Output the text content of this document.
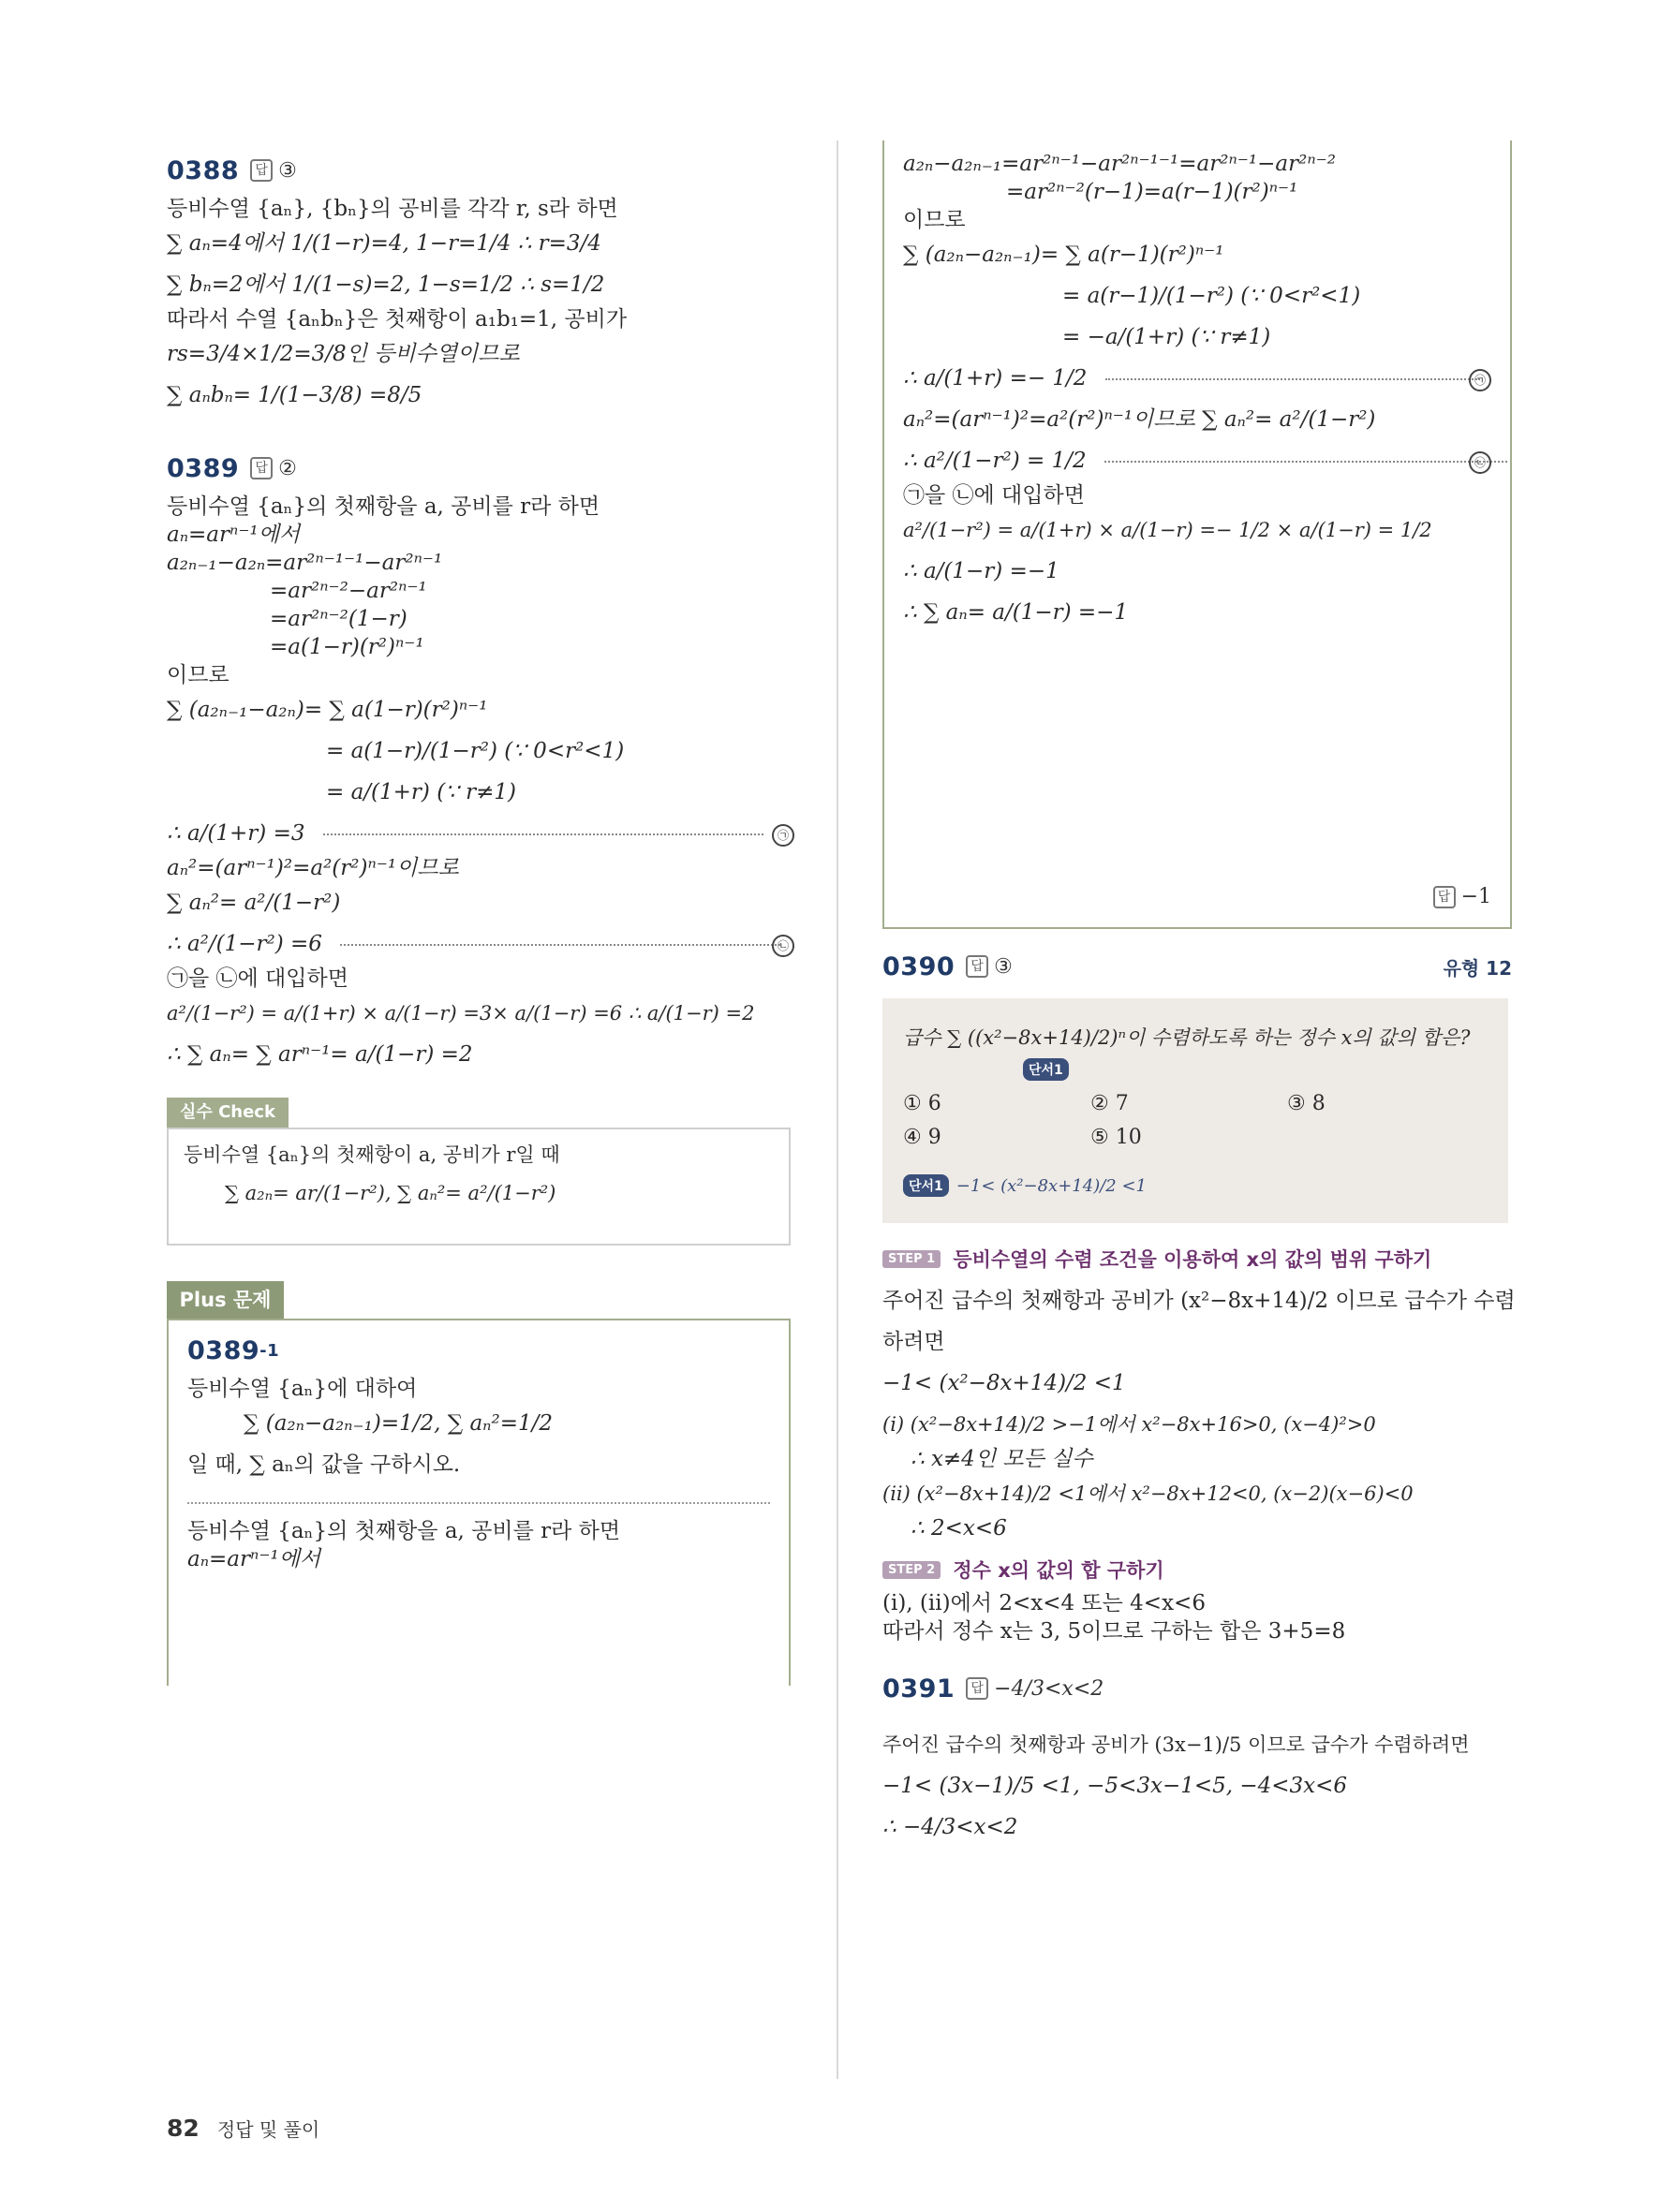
0388	답 ③

등비수열 {aₙ}, {bₙ}의 공비를 각각 r, s라 하면

∑ aₙ=4에서 1/(1−r)=4, 1−r=1/4 ∴ r=3/4

∑ bₙ=2에서 1/(1−s)=2, 1−s=1/2 ∴ s=1/2

따라서 수열 {aₙbₙ}은 첫째항이 a₁b₁=1, 공비가

rs=3/4×1/2=3/8인 등비수열이므로

∑ aₙbₙ= 1/(1−3/8) =8/5

0389	답 ②

등비수열 {aₙ}의 첫째항을 a, 공비를 r라 하면

aₙ=arⁿ⁻¹에서

a₂ₙ₋₁−a₂ₙ=ar²ⁿ⁻¹⁻¹−ar²ⁿ⁻¹

=ar²ⁿ⁻²−ar²ⁿ⁻¹

=ar²ⁿ⁻²(1−r)

=a(1−r)(r²)ⁿ⁻¹

이므로

∑ (a₂ₙ₋₁−a₂ₙ)= ∑ a(1−r)(r²)ⁿ⁻¹

= a(1−r)/(1−r²) (∵ 0<r²<1)

= a/(1+r) (∵ r≠1)

∴ a/(1+r) =3	㉠

aₙ²=(arⁿ⁻¹)²=a²(r²)ⁿ⁻¹이므로

∑ aₙ²= a²/(1−r²)

∴ a²/(1−r²) =6	㉡

㉠을 ㉡에 대입하면

a²/(1−r²) = a/(1+r) × a/(1−r) =3× a/(1−r) =6 ∴ a/(1−r) =2

∴ ∑ aₙ= ∑ arⁿ⁻¹= a/(1−r) =2

실수 Check

등비수열 {aₙ}의 첫째항이 a, 공비가 r일 때

∑ a₂ₙ= ar/(1−r²), ∑ aₙ²= a²/(1−r²)

Plus 문제
0389 -1

등비수열 {aₙ}에 대하여

∑ (a₂ₙ−a₂ₙ₋₁)=1/2, ∑ aₙ²=1/2

일 때, ∑ aₙ의 값을 구하시오.

등비수열 {aₙ}의 첫째항을 a, 공비를 r라 하면

aₙ=arⁿ⁻¹에서

a₂ₙ−a₂ₙ₋₁=ar²ⁿ⁻¹−ar²ⁿ⁻¹⁻¹=ar²ⁿ⁻¹−ar²ⁿ⁻²

=ar²ⁿ⁻²(r−1)=a(r−1)(r²)ⁿ⁻¹

이므로

∑ (a₂ₙ−a₂ₙ₋₁)= ∑ a(r−1)(r²)ⁿ⁻¹

= a(r−1)/(1−r²) (∵ 0<r²<1)

= −a/(1+r) (∵ r≠1)

∴ a/(1+r) =− 1/2	㉠

aₙ²=(arⁿ⁻¹)²=a²(r²)ⁿ⁻¹이므로 ∑ aₙ²= a²/(1−r²)

∴ a²/(1−r²) = 1/2	㉡

㉠을 ㉡에 대입하면

a²/(1−r²) = a/(1+r) × a/(1−r) =− 1/2 × a/(1−r) = 1/2

∴ a/(1−r) =−1

∴ ∑ aₙ= a/(1−r) =−1

답 −1
0390	답 ③	유형 12

급수 ∑ ((x²−8x+14)/2)ⁿ이 수렴하도록 하는 정수 x의 값의 합은?

단서1
① 6	② 7	③ 8
④ 9	⑤ 10
단서1 −1< (x²−8x+14)/2 <1
STEP 1 등비수열의 수렴 조건을 이용하여 x의 값의 범위 구하기

주어진 급수의 첫째항과 공비가 (x²−8x+14)/2 이므로 급수가 수렴

하려면

−1< (x²−8x+14)/2 <1

(i) (x²−8x+14)/2 >−1에서 x²−8x+16>0, (x−4)²>0

∴ x≠4인 모든 실수

(ii) (x²−8x+14)/2 <1에서 x²−8x+12<0, (x−2)(x−6)<0

∴ 2<x<6

STEP 2 정수 x의 값의 합 구하기

(i), (ii)에서 2<x<4 또는 4<x<6

따라서 정수 x는 3, 5이므로 구하는 합은 3+5=8

0391	답 −4/3<x<2

주어진 급수의 첫째항과 공비가 (3x−1)/5 이므로 급수가 수렴하려면

−1< (3x−1)/5 <1, −5<3x−1<5, −4<3x<6

∴ −4/3<x<2

82 정답 및 풀이
